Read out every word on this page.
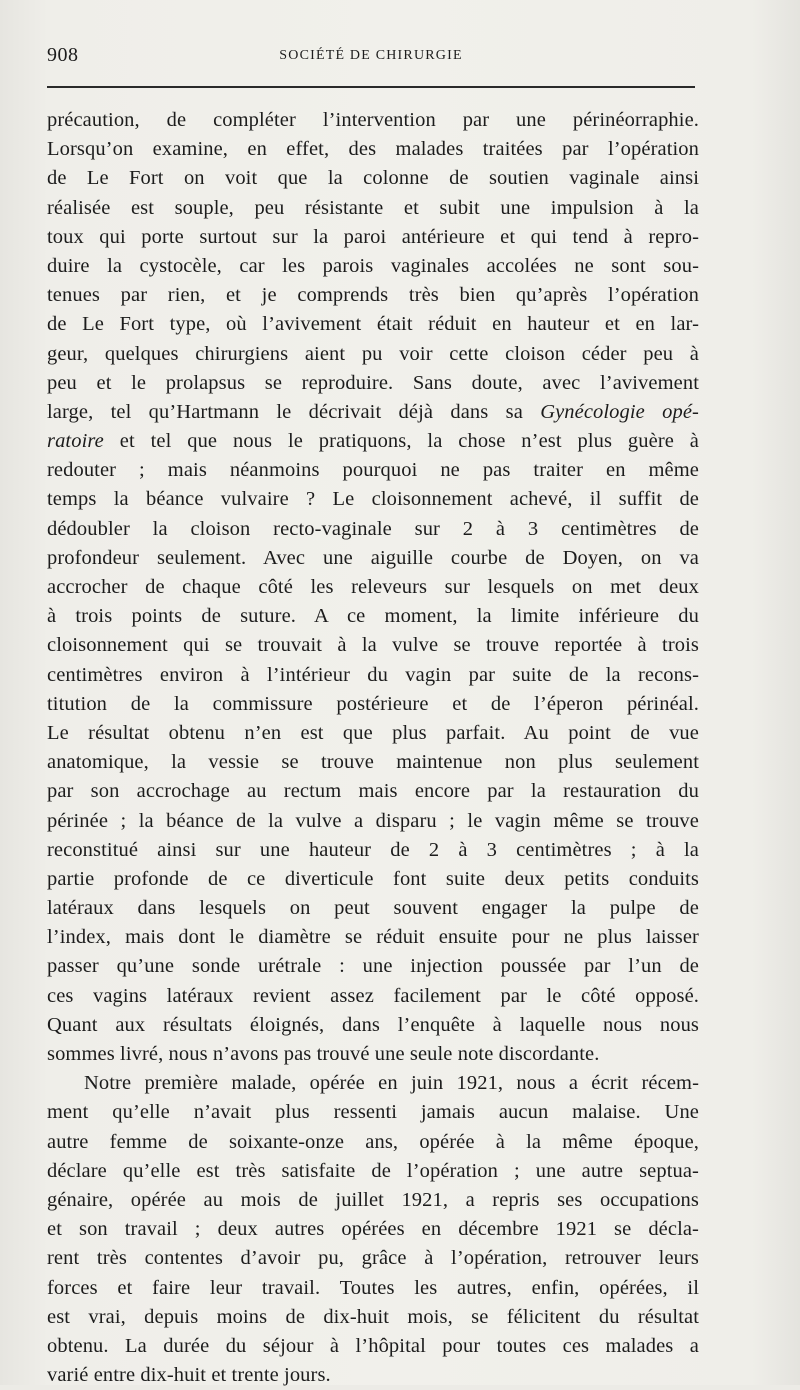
908	SOCIÉTÉ DE CHIRURGIE
précaution, de compléter l’intervention par une périnéorraphie.
Lorsqu’on examine, en effet, des malades traitées par l’opération
de Le Fort on voit que la colonne de soutien vaginale ainsi
réalisée est souple, peu résistante et subit une impulsion à la
toux qui porte surtout sur la paroi antérieure et qui tend à repro-
duire la cystocèle, car les parois vaginales accolées ne sont sou-
tenues par rien, et je comprends très bien qu’après l’opération
de Le Fort type, où l’avivement était réduit en hauteur et en lar-
geur, quelques chirurgiens aient pu voir cette cloison céder peu à
peu et le prolapsus se reproduire. Sans doute, avec l’avivement
large, tel qu’Hartmann le décrivait déjà dans sa Gynécologie opé-
ratoire et tel que nous le pratiquons, la chose n’est plus guère à
redouter ; mais néanmoins pourquoi ne pas traiter en même
temps la béance vulvaire ? Le cloisonnement achevé, il suffit de
dédoubler la cloison recto-vaginale sur 2 à 3 centimètres de
profondeur seulement. Avec une aiguille courbe de Doyen, on va
accrocher de chaque côté les releveurs sur lesquels on met deux
à trois points de suture. A ce moment, la limite inférieure du
cloisonnement qui se trouvait à la vulve se trouve reportée à trois
centimètres environ à l’intérieur du vagin par suite de la recons-
titution de la commissure postérieure et de l’éperon périnéal.
Le résultat obtenu n’en est que plus parfait. Au point de vue
anatomique, la vessie se trouve maintenue non plus seulement
par son accrochage au rectum mais encore par la restauration du
périnée ; la béance de la vulve a disparu ; le vagin même se trouve
reconstitué ainsi sur une hauteur de 2 à 3 centimètres ; à la
partie profonde de ce diverticule font suite deux petits conduits
latéraux dans lesquels on peut souvent engager la pulpe de
l’index, mais dont le diamètre se réduit ensuite pour ne plus laisser
passer qu’une sonde urétrale : une injection poussée par l’un de
ces vagins latéraux revient assez facilement par le côté opposé.
Quant aux résultats éloignés, dans l’enquête à laquelle nous nous
sommes livré, nous n’avons pas trouvé une seule note discordante.
Notre première malade, opérée en juin 1921, nous a écrit récem-
ment qu’elle n’avait plus ressenti jamais aucun malaise. Une
autre femme de soixante-onze ans, opérée à la même époque,
déclare qu’elle est très satisfaite de l’opération ; une autre septua-
génaire, opérée au mois de juillet 1921, a repris ses occupations
et son travail ; deux autres opérées en décembre 1921 se décla-
rent très contentes d’avoir pu, grâce à l’opération, retrouver leurs
forces et faire leur travail. Toutes les autres, enfin, opérées, il
est vrai, depuis moins de dix-huit mois, se félicitent du résultat
obtenu. La durée du séjour à l’hôpital pour toutes ces malades a
varié entre dix-huit et trente jours.
